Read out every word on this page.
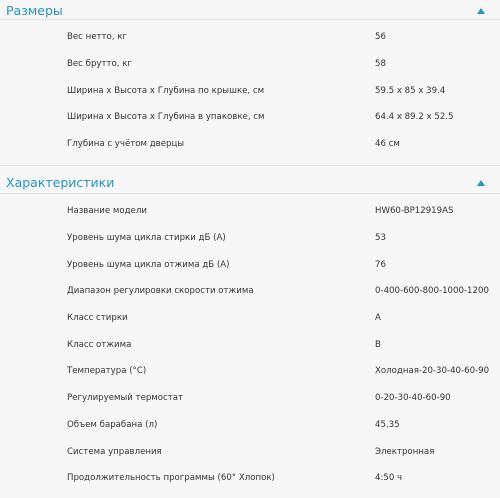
Размеры
Вес нетто, кг	56
Вес брутто, кг	58
Ширина х Высота х Глубина по крышке, см	59.5 x 85 x 39.4
Ширина х Высота х Глубина в упаковке, см	64.4 x 89.2 x 52.5
Глубина с учётом дверцы	46 см
Характеристики
Название модели	HW60-BP12919AS
Уровень шума цикла стирки дБ (А)	53
Уровень шума цикла отжима дБ (А)	76
Диапазон регулировки скорости отжима	0-400-600-800-1000-1200
Класс стирки	A
Класс отжима	B
Температура (°С)	Холодная-20-30-40-60-90
Регулируемый термостат	0-20-30-40-60-90
Объем барабана (л)	45.35
Система управления	Электронная
Продолжительность программы (60° Хлопок)	4:50 ч
